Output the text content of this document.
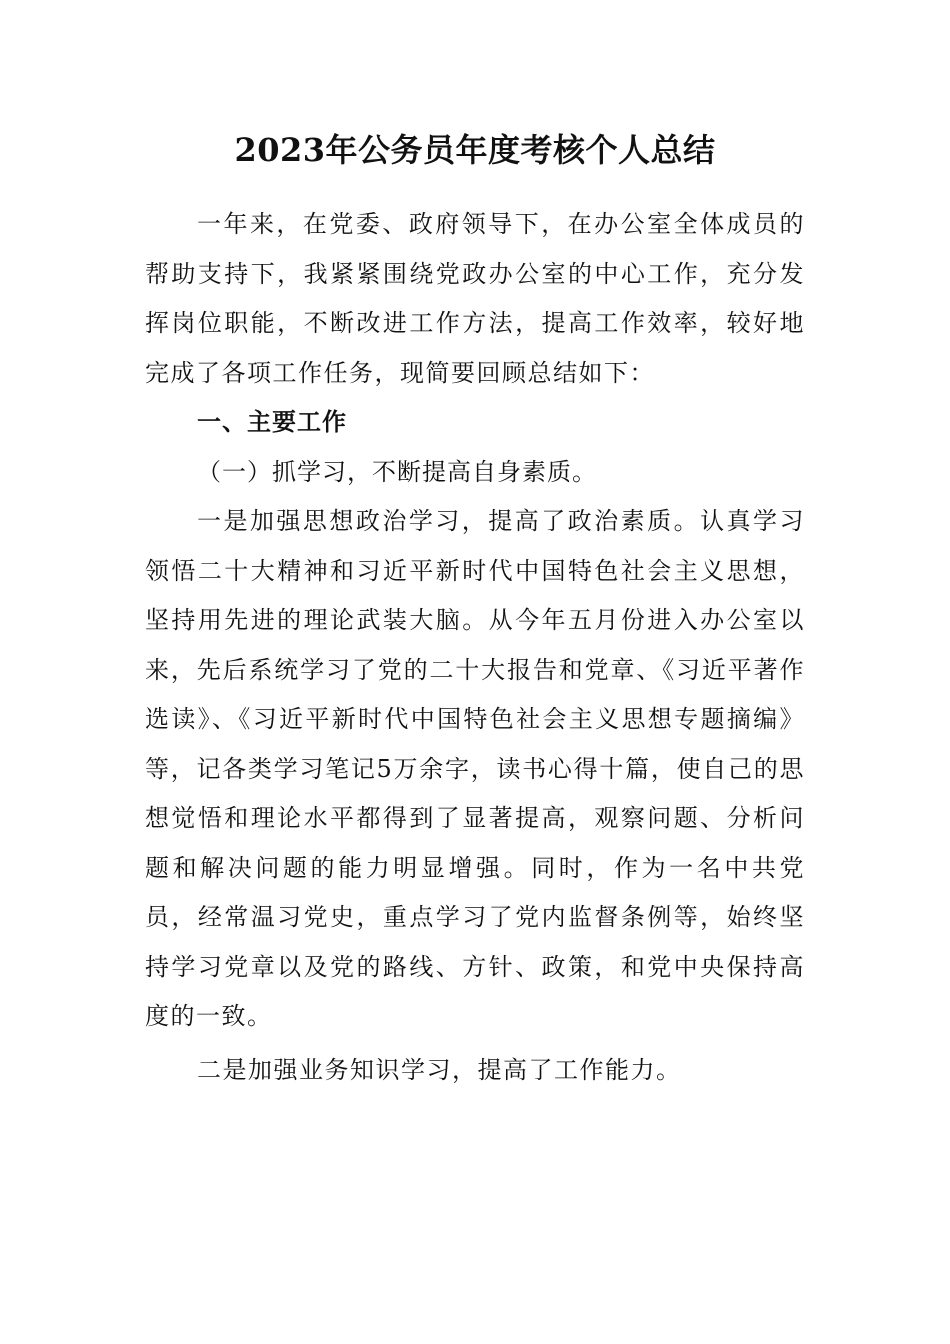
2023年公务员年度考核个人总结

一年来，在党委、政府领导下，在办公室全体成员的帮助支持下，我紧紧围绕党政办公室的中心工作，充分发挥岗位职能，不断改进工作方法，提高工作效率，较好地完成了各项工作任务，现简要回顾总结如下：

一、主要工作

（一）抓学习，不断提高自身素质。

一是加强思想政治学习，提高了政治素质。认真学习领悟二十大精神和习近平新时代中国特色社会主义思想，坚持用先进的理论武装大脑。从今年五月份进入办公室以来，先后系统学习了党的二十大报告和党章、《习近平著作选读》、《习近平新时代中国特色社会主义思想专题摘编》等，记各类学习笔记5万余字，读书心得十篇，使自己的思想觉悟和理论水平都得到了显著提高，观察问题、分析问题和解决问题的能力明显增强。同时，作为一名中共党员，经常温习党史，重点学习了党内监督条例等，始终坚持学习党章以及党的路线、方针、政策，和党中央保持高度的一致。

二是加强业务知识学习，提高了工作能力。
